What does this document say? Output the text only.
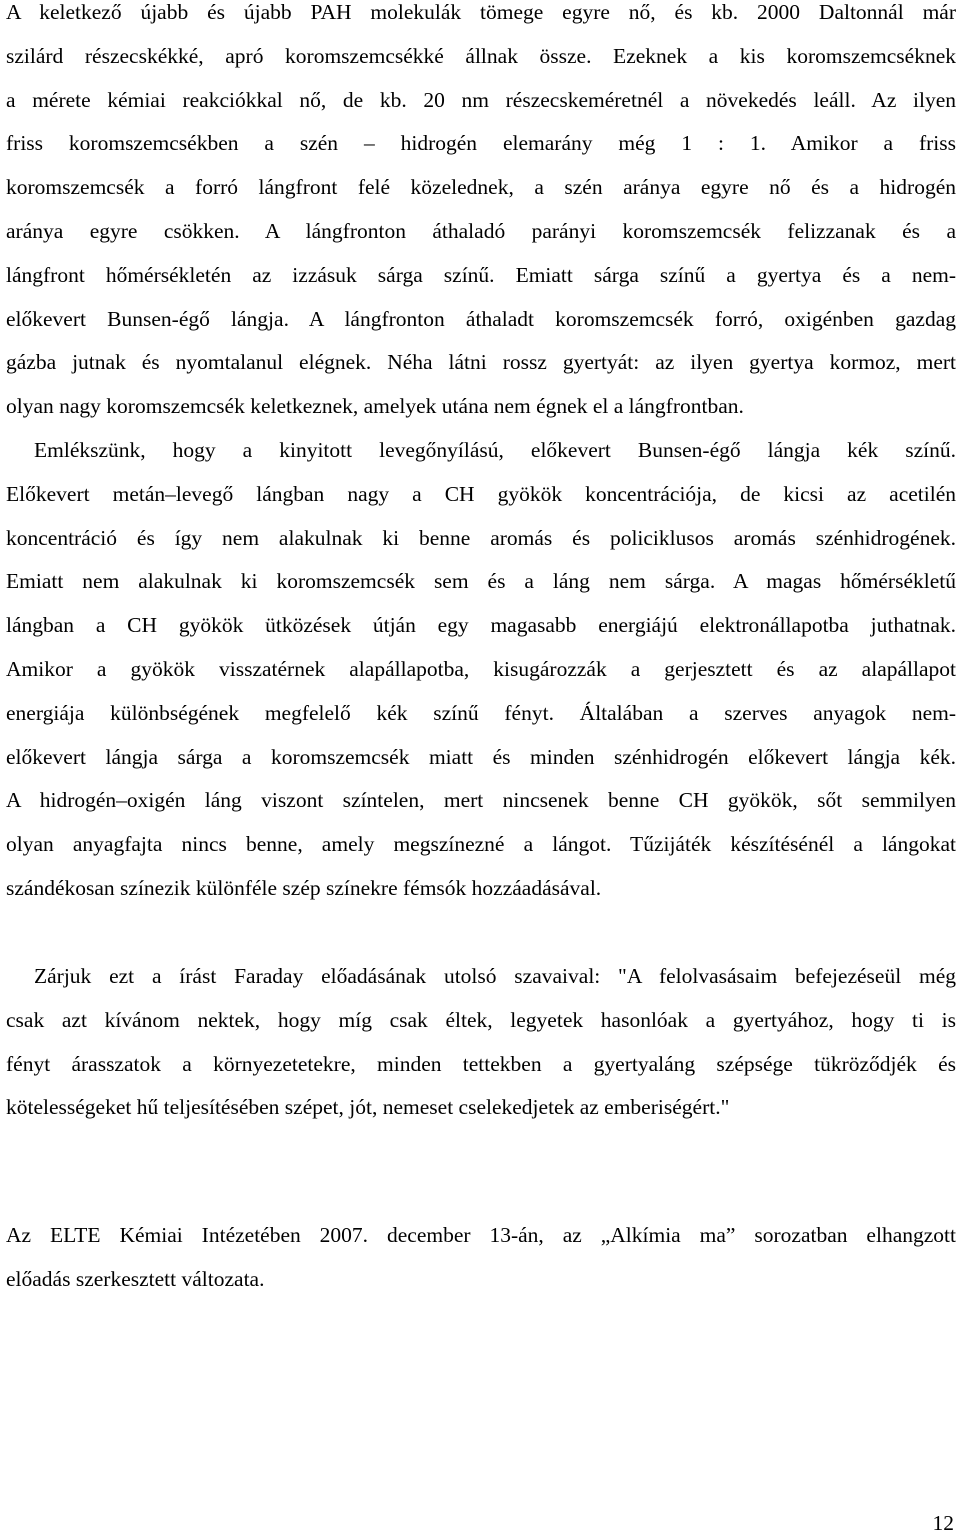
A keletkező újabb és újabb PAH molekulák tömege egyre nő, és kb. 2000 Daltonnál már
szilárd részecskékké, apró koromszemcsékké állnak össze. Ezeknek a kis koromszemcséknek
a mérete kémiai reakciókkal nő, de kb. 20 nm részecskeméretnél a növekedés leáll. Az ilyen
friss koromszemcsékben a szén – hidrogén elemarány még 1 : 1. Amikor a friss
koromszemcsék a forró lángfront felé közelednek, a szén aránya egyre nő és a hidrogén
aránya egyre csökken. A lángfronton áthaladó parányi koromszemcsék felizzanak és a
lángfront hőmérsékletén az izzásuk sárga színű. Emiatt sárga színű a gyertya és a nem-
előkevert Bunsen-égő lángja. A lángfronton áthaladt koromszemcsék forró, oxigénben gazdag
gázba jutnak és nyomtalanul elégnek. Néha látni rossz gyertyát: az ilyen gyertya kormoz, mert
olyan nagy koromszemcsék keletkeznek, amelyek utána nem égnek el a lángfrontban.
Emlékszünk, hogy a kinyitott levegőnyílású, előkevert Bunsen-égő lángja kék színű.
Előkevert metán–levegő lángban nagy a CH gyökök koncentrációja, de kicsi az acetilén
koncentráció és így nem alakulnak ki benne aromás és policiklusos aromás szénhidrogének.
Emiatt nem alakulnak ki koromszemcsék sem és a láng nem sárga. A magas hőmérsékletű
lángban a CH gyökök ütközések útján egy magasabb energiájú elektronállapotba juthatnak.
Amikor a gyökök visszatérnek alapállapotba, kisugározzák a gerjesztett és az alapállapot
energiája különbségének megfelelő kék színű fényt. Általában a szerves anyagok nem-
előkevert lángja sárga a koromszemcsék miatt és minden szénhidrogén előkevert lángja kék.
A hidrogén–oxigén láng viszont színtelen, mert nincsenek benne CH gyökök, sőt semmilyen
olyan anyagfajta nincs benne, amely megszínezné a lángot. Tűzijáték készítésénél a lángokat
szándékosan színezik különféle szép színekre fémsók hozzáadásával.
Zárjuk ezt a írást Faraday előadásának utolsó szavaival: "A felolvasásaim befejezéseül még
csak azt kívánom nektek, hogy míg csak éltek, legyetek hasonlóak a gyertyához, hogy ti is
fényt árasszatok a környezetetekre, minden tettekben a gyertyaláng szépsége tükröződjék és
kötelességeket hű teljesítésében szépet, jót, nemeset cselekedjetek az emberiségért."
Az ELTE Kémiai Intézetében 2007. december 13-án, az „Alkímia ma” sorozatban elhangzott
előadás szerkesztett változata.
12
